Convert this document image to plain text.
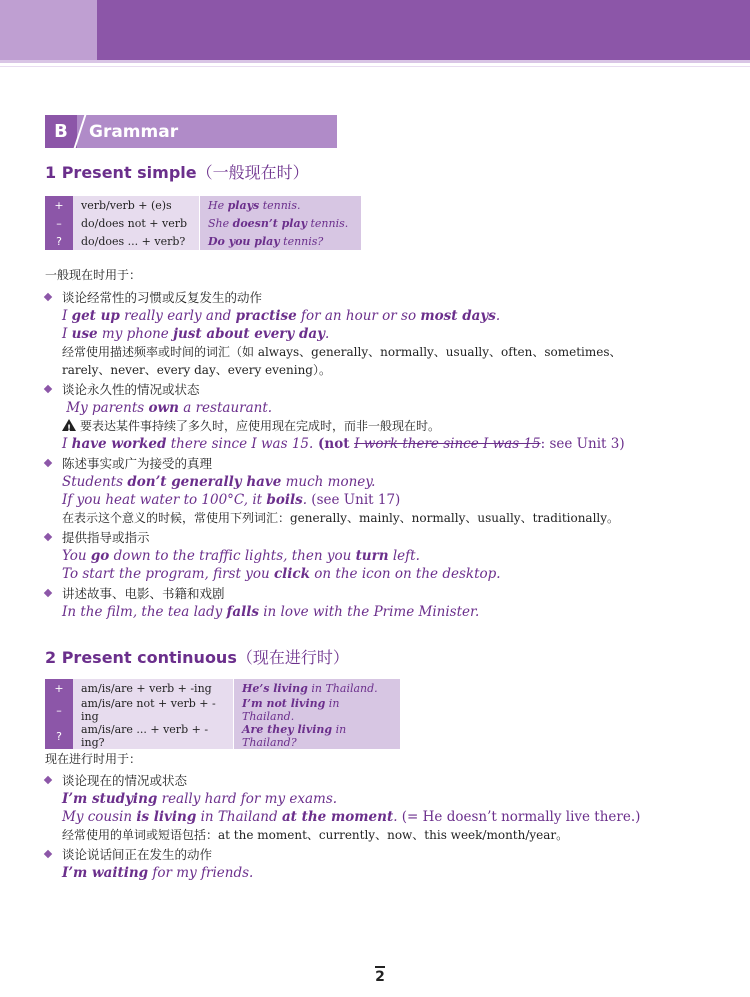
B	Grammar
1 Present simple（一般现在时）
+	verb/verb + (e)s	He plays tennis.
–	do/does not + verb	She doesn’t play tennis.
?	do/does ... + verb?	Do you play tennis?
一般现在时用于：
谈论经常性的习惯或反复发生的动作
I get up really early and practise for an hour or so most days.
I use my phone just about every day.
经常使用描述频率或时间的词汇（如 always、generally、normally、usually、often、sometimes、
rarely、never、every day、every evening）。
谈论永久性的情况或状态
My parents own a restaurant.
!要表达某件事持续了多久时，应使用现在完成时，而非一般现在时。
I have worked there since I was 15. (not I work there since I was 15: see Unit 3)
陈述事实或广为接受的真理
Students don’t generally have much money.
If you heat water to 100°C, it boils. (see Unit 17)
在表示这个意义的时候，常使用下列词汇：generally、mainly、normally、usually、traditionally。
提供指导或指示
You go down to the traffic lights, then you turn left.
To start the program, first you click on the icon on the desktop.
讲述故事、电影、书籍和戏剧
In the film, the tea lady falls in love with the Prime Minister.
2 Present continuous（现在进行时）
+	am/is/are + verb + -ing	He’s living in Thailand.
–	am/is/are not + verb + -ing	I’m not living in Thailand.
?	am/is/are ... + verb + -ing?	Are they living in Thailand?
现在进行时用于：
谈论现在的情况或状态
I’m studying really hard for my exams.
My cousin is living in Thailand at the moment. (= He doesn’t normally live there.)
经常使用的单词或短语包括：at the moment、currently、now、this week/month/year。
谈论说话间正在发生的动作
I’m waiting for my friends.
2
